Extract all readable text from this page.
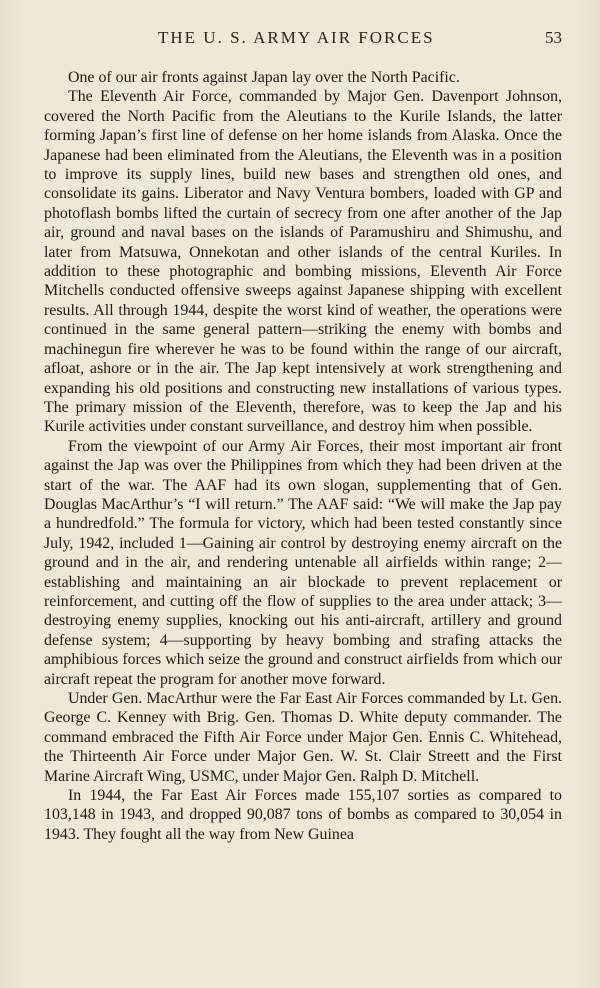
THE U. S. ARMY AIR FORCES	53

One of our air fronts against Japan lay over the North Pacific.

The Eleventh Air Force, commanded by Major Gen. Davenport Johnson, covered the North Pacific from the Aleutians to the Kurile Islands, the latter forming Japan’s first line of defense on her home islands from Alaska. Once the Japanese had been eliminated from the Aleutians, the Eleventh was in a position to improve its supply lines, build new bases and strengthen old ones, and consolidate its gains. Liberator and Navy Ventura bombers, loaded with GP and photoflash bombs lifted the curtain of secrecy from one after another of the Jap air, ground and naval bases on the islands of Paramushiru and Shimushu, and later from Matsuwa, Onnekotan and other islands of the central Kuriles. In addition to these photographic and bombing missions, Eleventh Air Force Mitchells conducted offensive sweeps against Japanese shipping with excellent results. All through 1944, despite the worst kind of weather, the operations were continued in the same general pattern—striking the enemy with bombs and machinegun fire wherever he was to be found within the range of our aircraft, afloat, ashore or in the air. The Jap kept intensively at work strengthening and expanding his old positions and constructing new installations of various types. The primary mission of the Eleventh, therefore, was to keep the Jap and his Kurile activities under constant surveillance, and destroy him when possible.

From the viewpoint of our Army Air Forces, their most important air front against the Jap was over the Philippines from which they had been driven at the start of the war. The AAF had its own slogan, supplementing that of Gen. Douglas MacArthur’s “I will return.” The AAF said: “We will make the Jap pay a hundredfold.” The formula for victory, which had been tested constantly since July, 1942, included 1—Gaining air control by destroying enemy aircraft on the ground and in the air, and rendering untenable all airfields within range; 2—establishing and maintaining an air blockade to prevent replacement or reinforcement, and cutting off the flow of supplies to the area under attack; 3—destroying enemy supplies, knocking out his anti-aircraft, artillery and ground defense system; 4—supporting by heavy bombing and strafing attacks the amphibious forces which seize the ground and construct airfields from which our aircraft repeat the program for another move forward.

Under Gen. MacArthur were the Far East Air Forces commanded by Lt. Gen. George C. Kenney with Brig. Gen. Thomas D. White deputy commander. The command embraced the Fifth Air Force under Major Gen. Ennis C. Whitehead, the Thirteenth Air Force under Major Gen. W. St. Clair Streett and the First Marine Aircraft Wing, USMC, under Major Gen. Ralph D. Mitchell.

In 1944, the Far East Air Forces made 155,107 sorties as compared to 103,148 in 1943, and dropped 90,087 tons of bombs as compared to 30,054 in 1943. They fought all the way from New Guinea
